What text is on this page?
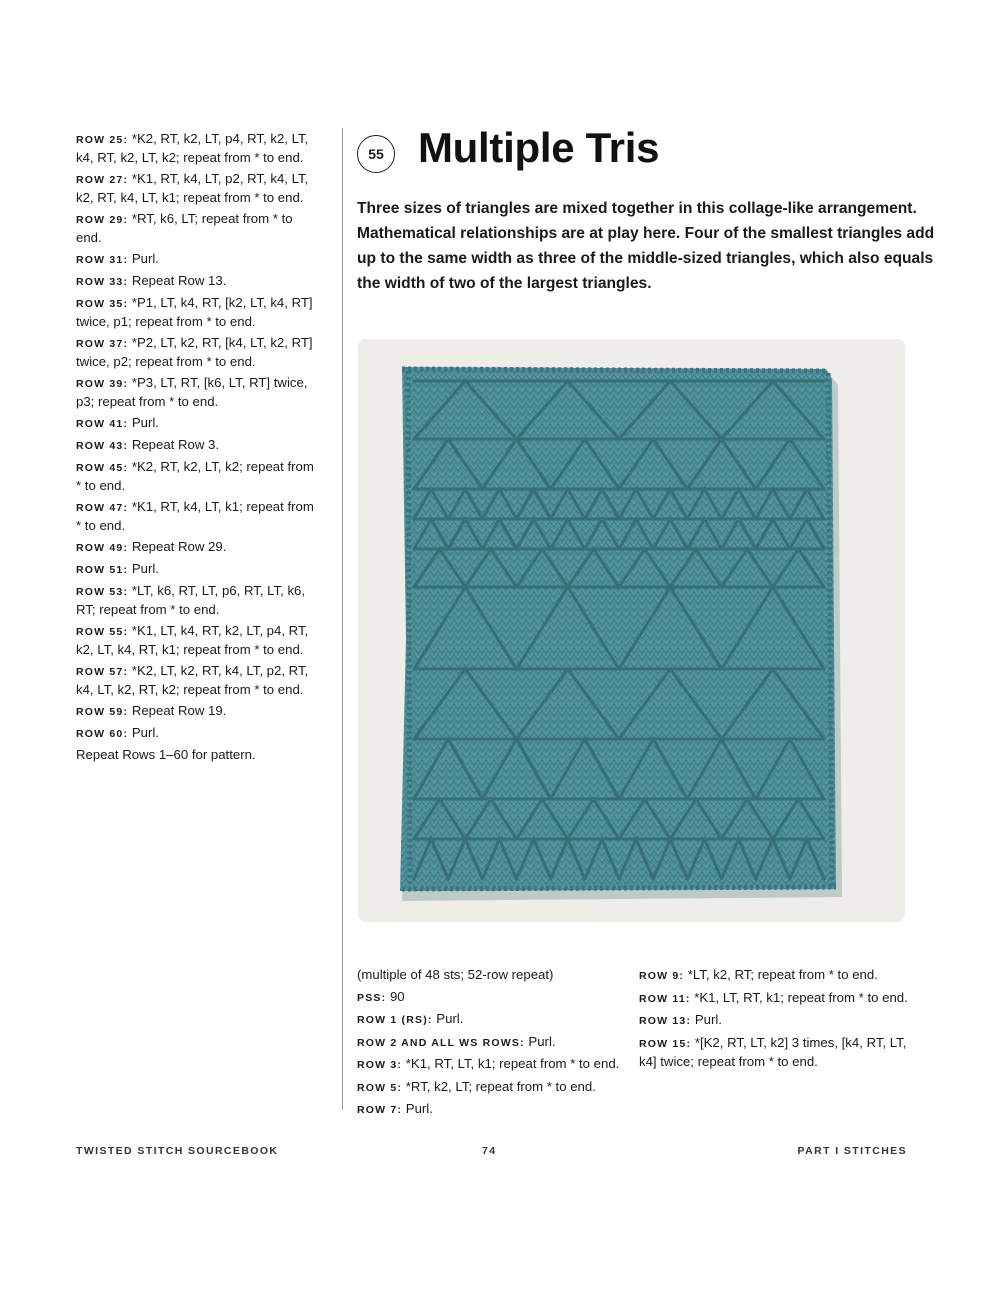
ROW 25: *K2, RT, k2, LT, p4, RT, k2, LT, k4, RT, k2, LT, k2; repeat from * to end.
ROW 27: *K1, RT, k4, LT, p2, RT, k4, LT, k2, RT, k4, LT, k1; repeat from * to end.
ROW 29: *RT, k6, LT; repeat from * to end.
ROW 31: Purl.
ROW 33: Repeat Row 13.
ROW 35: *P1, LT, k4, RT, [k2, LT, k4, RT] twice, p1; repeat from * to end.
ROW 37: *P2, LT, k2, RT, [k4, LT, k2, RT] twice, p2; repeat from * to end.
ROW 39: *P3, LT, RT, [k6, LT, RT] twice, p3; repeat from * to end.
ROW 41: Purl.
ROW 43: Repeat Row 3.
ROW 45: *K2, RT, k2, LT, k2; repeat from * to end.
ROW 47: *K1, RT, k4, LT, k1; repeat from * to end.
ROW 49: Repeat Row 29.
ROW 51: Purl.
ROW 53: *LT, k6, RT, LT, p6, RT, LT, k6, RT; repeat from * to end.
ROW 55: *K1, LT, k4, RT, k2, LT, p4, RT, k2, LT, k4, RT, k1; repeat from * to end.
ROW 57: *K2, LT, k2, RT, k4, LT, p2, RT, k4, LT, k2, RT, k2; repeat from * to end.
ROW 59: Repeat Row 19.
ROW 60: Purl.
Repeat Rows 1–60 for pattern.
55 Multiple Tris

Three sizes of triangles are mixed together in this collage-like arrangement. Mathematical relationships are at play here. Four of the smallest triangles add up to the same width as three of the middle-sized triangles, which also equals the width of two of the largest triangles.

(multiple of 48 sts; 52-row repeat)
PSS: 90
ROW 1 (RS): Purl.
ROW 2 AND ALL WS ROWS: Purl.
ROW 3: *K1, RT, LT, k1; repeat from * to end.
ROW 5: *RT, k2, LT; repeat from * to end.
ROW 7: Purl.
ROW 9: *LT, k2, RT; repeat from * to end.
ROW 11: *K1, LT, RT, k1; repeat from * to end.
ROW 13: Purl.
ROW 15: *[K2, RT, LT, k2] 3 times, [k4, RT, LT, k4] twice; repeat from * to end.
TWISTED STITCH SOURCEBOOK	74	PART I STITCHES
